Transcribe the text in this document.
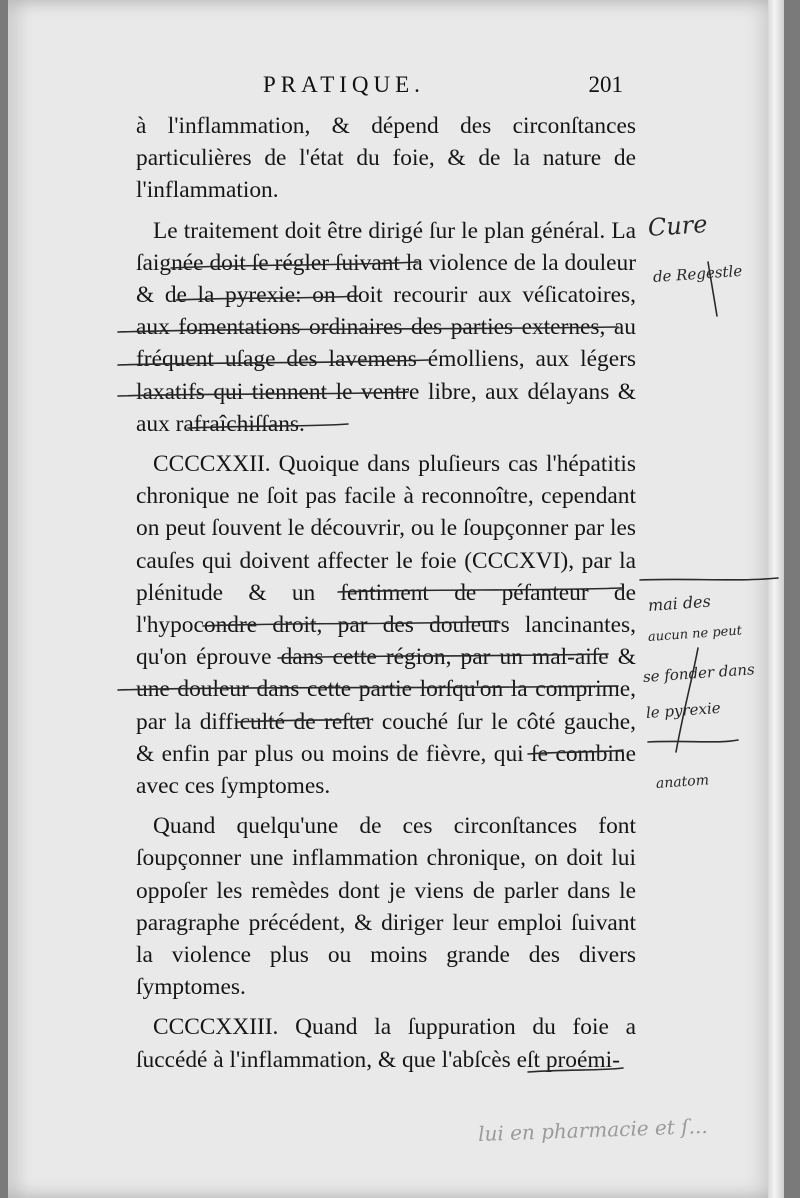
PRATIQUE.	201

à l'inflammation, & dépend des circonſtances particulières de l'état du foie, & de la nature de l'inflammation.

Le traitement doit être dirigé ſur le plan général. La ſaignée doit ſe régler ſuivant la violence de la douleur & de la pyrexie: on doit recourir aux véſicatoires, aux fomentations ordinaires des parties externes, au fréquent uſage des lavemens émolliens, aux légers laxatifs qui tiennent le ventre libre, aux délayans & aux rafraîchiſſans.

CCCCXXII. Quoique dans pluſieurs cas l'hépatitis chronique ne ſoit pas facile à reconnoître, cependant on peut ſouvent le découvrir, ou le ſoupçonner par les cauſes qui doivent affecter le foie (CCCXVI), par la plénitude & un ſentiment de péſanteur de l'hypocondre droit, par des douleurs lancinantes, qu'on éprouve dans cette région, par un mal-aiſe & une douleur dans cette partie lorſqu'on la comprime, par la difficulté de reſter couché ſur le côté gauche, & enfin par plus ou moins de fièvre, qui ſe combine avec ces ſymptomes.

Quand quelqu'une de ces circonſtances font ſoupçonner une inflammation chronique, on doit lui oppoſer les remèdes dont je viens de parler dans le paragraphe précédent, & diriger leur emploi ſuivant la violence plus ou moins grande des divers ſymptomes.

CCCCXXIII. Quand la ſuppuration du foie a ſuccédé à l'inflammation, & que l'abſcès eſt proémi-

Cure
de Regestle
mai des
aucun ne peut
se fonder dans
le pyrexie
anatom
lui en pharmacie et ſ...
